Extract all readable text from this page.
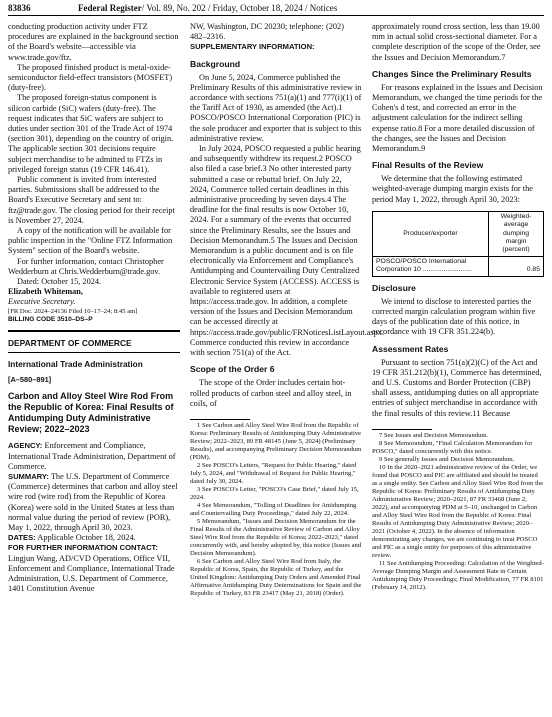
83836	Federal Register/ Vol. 89, No. 202 / Friday, October 18, 2024 / Notices

conducting production activity under FTZ procedures are explained in the background section of the Board's website—accessible via www.trade.gov/ftz.

The proposed finished product is metal-oxide-semiconductor field-effect transistors (MOSFET) (duty-free).

The proposed foreign-status component is silicon carbide (SiC) wafers (duty-free). The request indicates that SiC wafers are subject to duties under section 301 of the Trade Act of 1974 (section 301), depending on the country of origin. The applicable section 301 decisions require subject merchandise to be admitted to FTZs in privileged foreign status (19 CFR 146.41).

Public comment is invited from interested parties. Submissions shall be addressed to the Board's Executive Secretary and sent to: ftz@trade.gov. The closing period for their receipt is November 27, 2024.

A copy of the notification will be available for public inspection in the "Online FTZ Information System" section of the Board's website.

For further information, contact Christopher Wedderburn at Chris.Wedderburn@trade.gov.

Dated: October 15, 2024.

Elizabeth Whiteman,

Executive Secretary.

[FR Doc. 2024–24136 Filed 10–17–24; 8:45 am]

BILLING CODE 3510–DS–P

DEPARTMENT OF COMMERCE

International Trade Administration

[A–580–891]

Carbon and Alloy Steel Wire Rod From the Republic of Korea: Final Results of Antidumping Duty Administrative Review; 2022–2023

AGENCY: Enforcement and Compliance, International Trade Administration, Department of Commerce.

SUMMARY: The U.S. Department of Commerce (Commerce) determines that carbon and alloy steel wire rod (wire rod) from the Republic of Korea (Korea) were sold in the United States at less than normal value during the period of review (POR), May 1, 2022, through April 30, 2023.

DATES: Applicable October 18, 2024.

FOR FURTHER INFORMATION CONTACT: Lingjun Wang, AD/CVD Operations, Office VII, Enforcement and Compliance, International Trade Administration, U.S. Department of Commerce, 1401 Constitution Avenue

NW, Washington, DC 20230; telephone: (202) 482–2316.

SUPPLEMENTARY INFORMATION:

Background

On June 5, 2024, Commerce published the Preliminary Results of this administrative review in accordance with sections 751(a)(1) and 777(i)(1) of the Tariff Act of 1930, as amended (the Act).1 POSCO/POSCO International Corporation (PIC) is the sole producer and exporter that is subject to this administrative review.

In July 2024, POSCO requested a public hearing and subsequently withdrew its request.2 POSCO also filed a case brief.3 No other interested party submitted a case or rebuttal brief. On July 22, 2024, Commerce tolled certain deadlines in this administrative proceeding by seven days.4 The deadline for the final results is now October 10, 2024. For a summary of the events that occurred since the Preliminary Results, see the Issues and Decision Memorandum.5 The Issues and Decision Memorandum is a public document and is on file electronically via Enforcement and Compliance's Antidumping and Countervailing Duty Centralized Electronic Service System (ACCESS). ACCESS is available to registered users at https://access.trade.gov. In addition, a complete version of the Issues and Decision Memorandum can be accessed directly at https://access.trade.gov/public/FRNoticesListLayout.aspx. Commerce conducted this review in accordance with section 751(a) of the Act.

Scope of the Order 6

The scope of the Order includes certain hot-rolled products of carbon steel and alloy steel, in coils, of

1 See Carbon and Alloy Steel Wire Rod from the Republic of Korea: Preliminary Results of Antidumping Duty Administrative Review; 2022–2023, 89 FR 48145 (June 5, 2024) (Preliminary Results), and accompanying Preliminary Decision Memorandum (PDM).

2 See POSCO's Letters, "Request for Public Hearing," dated July 5, 2024, and "Withdrawal of Request for Public Hearing," dated July 30, 2024.

3 See POSCO's Letter, "POSCO's Case Brief," dated July 15, 2024.

4 See Memorandum, "Tolling of Deadlines for Antidumping and Countervailing Duty Proceedings," dated July 22, 2024.

5 Memorandum, "Issues and Decision Memorandum for the Final Results of the Administrative Review of Carbon and Alloy Steel Wire Rod from the Republic of Korea; 2022–2023," dated concurrently with, and hereby adopted by, this notice (Issues and Decision Memorandum).

6 See Carbon and Alloy Steel Wire Rod from Italy, the Republic of Korea, Spain, the Republic of Turkey, and the United Kingdom: Antidumping Duty Orders and Amended Final Affirmative Antidumping Duty Determinations for Spain and the Republic of Turkey, 83 FR 23417 (May 21, 2018) (Order).

approximately round cross section, less than 19.00 mm in actual solid cross-sectional diameter. For a complete description of the scope of the Order, see the Issues and Decision Memorandum.7

Changes Since the Preliminary Results

For reasons explained in the Issues and Decision Memorandum, we changed the time periods for the Cohen's d test, and corrected an error in the adjustment calculation for the indirect selling expense ratio.8 For a more detailed discussion of the changes, see the Issues and Decision Memorandum.9

Final Results of the Review

We determine that the following estimated weighted-average dumping margin exists for the period May 1, 2022, through April 30, 2023:

Producer/exporter	Weighted-average dumping margin (percent)
POSCO/POSCO International Corporation 10 ..........................	0.85
Disclosure

We intend to disclose to interested parties the corrected margin calculation program within five days of the publication date of this notice, in accordance with 19 CFR 351.224(b).

Assessment Rates

Pursuant to section 751(a)(2)(C) of the Act and 19 CFR 351.212(b)(1), Commerce has determined, and U.S. Customs and Border Protection (CBP) shall assess, antidumping duties on all appropriate entries of subject merchandise in accordance with the final results of this review.11 Because

7 See Issues and Decision Memorandum.

8 See Memorandum, "Final Calculation Memorandum for POSCO," dated concurrently with this notice.

9 See generally Issues and Decision Memorandum.

10 In the 2020–2021 administrative review of the Order, we found that POSCO and PIC are affiliated and should be treated as a single entity. See Carbon and Alloy Steel Wire Rod from the Republic of Korea: Preliminary Results of Antidumping Duty Administrative Review; 2020–2021, 87 FR 33468 (June 2, 2022), and accompanying PDM at 5–10, unchanged in Carbon and Alloy Steel Wire Rod from the Republic of Korea: Final Results of Antidumping Duty Administrative Review; 2020–2021 (October 4, 2022). In the absence of information demonstrating any changes, we are continuing to treat POSCO and PIC as a single entity for purposes of this administrative review.

11 See Antidumping Proceeding: Calculation of the Weighted-Average Dumping Margin and Assessment Rate in Certain Antidumping Duty Proceedings; Final Modification, 77 FR 8101 (February 14, 2012).
